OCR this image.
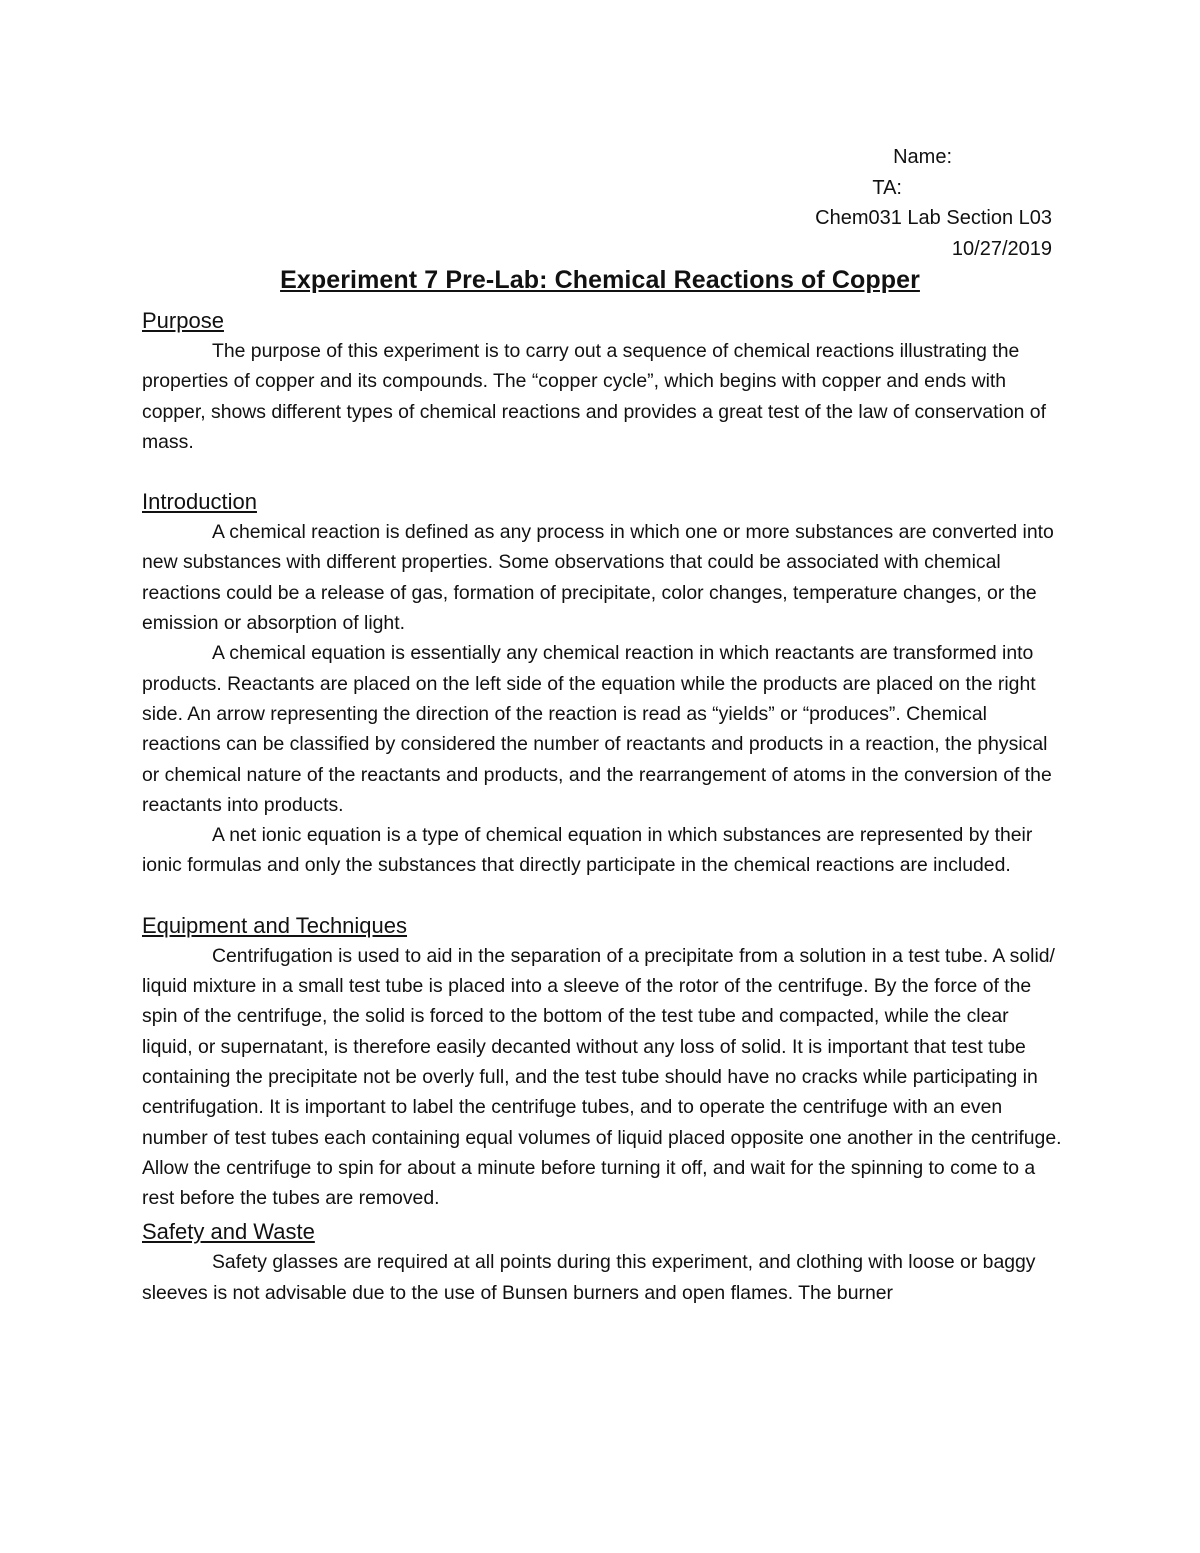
Name:
TA:
Chem031 Lab Section L03
10/27/2019
Experiment 7 Pre-Lab: Chemical Reactions of Copper
Purpose

The purpose of this experiment is to carry out a sequence of chemical reactions illustrating the properties of copper and its compounds. The “copper cycle”, which begins with copper and ends with copper, shows different types of chemical reactions and provides a great test of the law of conservation of mass.

Introduction

A chemical reaction is defined as any process in which one or more substances are converted into new substances with different properties. Some observations that could be associated with chemical reactions could be a release of gas, formation of precipitate, color changes, temperature changes, or the emission or absorption of light.

A chemical equation is essentially any chemical reaction in which reactants are transformed into products. Reactants are placed on the left side of the equation while the products are placed on the right side. An arrow representing the direction of the reaction is read as “yields” or “produces”. Chemical reactions can be classified by considered the number of reactants and products in a reaction, the physical or chemical nature of the reactants and products, and the rearrangement of atoms in the conversion of the reactants into products.

A net ionic equation is a type of chemical equation in which substances are represented by their ionic formulas and only the substances that directly participate in the chemical reactions are included.

Equipment and Techniques

Centrifugation is used to aid in the separation of a precipitate from a solution in a test tube. A solid/ liquid mixture in a small test tube is placed into a sleeve of the rotor of the centrifuge. By the force of the spin of the centrifuge, the solid is forced to the bottom of the test tube and compacted, while the clear liquid, or supernatant, is therefore easily decanted without any loss of solid. It is important that test tube containing the precipitate not be overly full, and the test tube should have no cracks while participating in centrifugation. It is important to label the centrifuge tubes, and to operate the centrifuge with an even number of test tubes each containing equal volumes of liquid placed opposite one another in the centrifuge. Allow the centrifuge to spin for about a minute before turning it off, and wait for the spinning to come to a rest before the tubes are removed.

Safety and Waste

Safety glasses are required at all points during this experiment, and clothing with loose or baggy sleeves is not advisable due to the use of Bunsen burners and open flames. The burner
